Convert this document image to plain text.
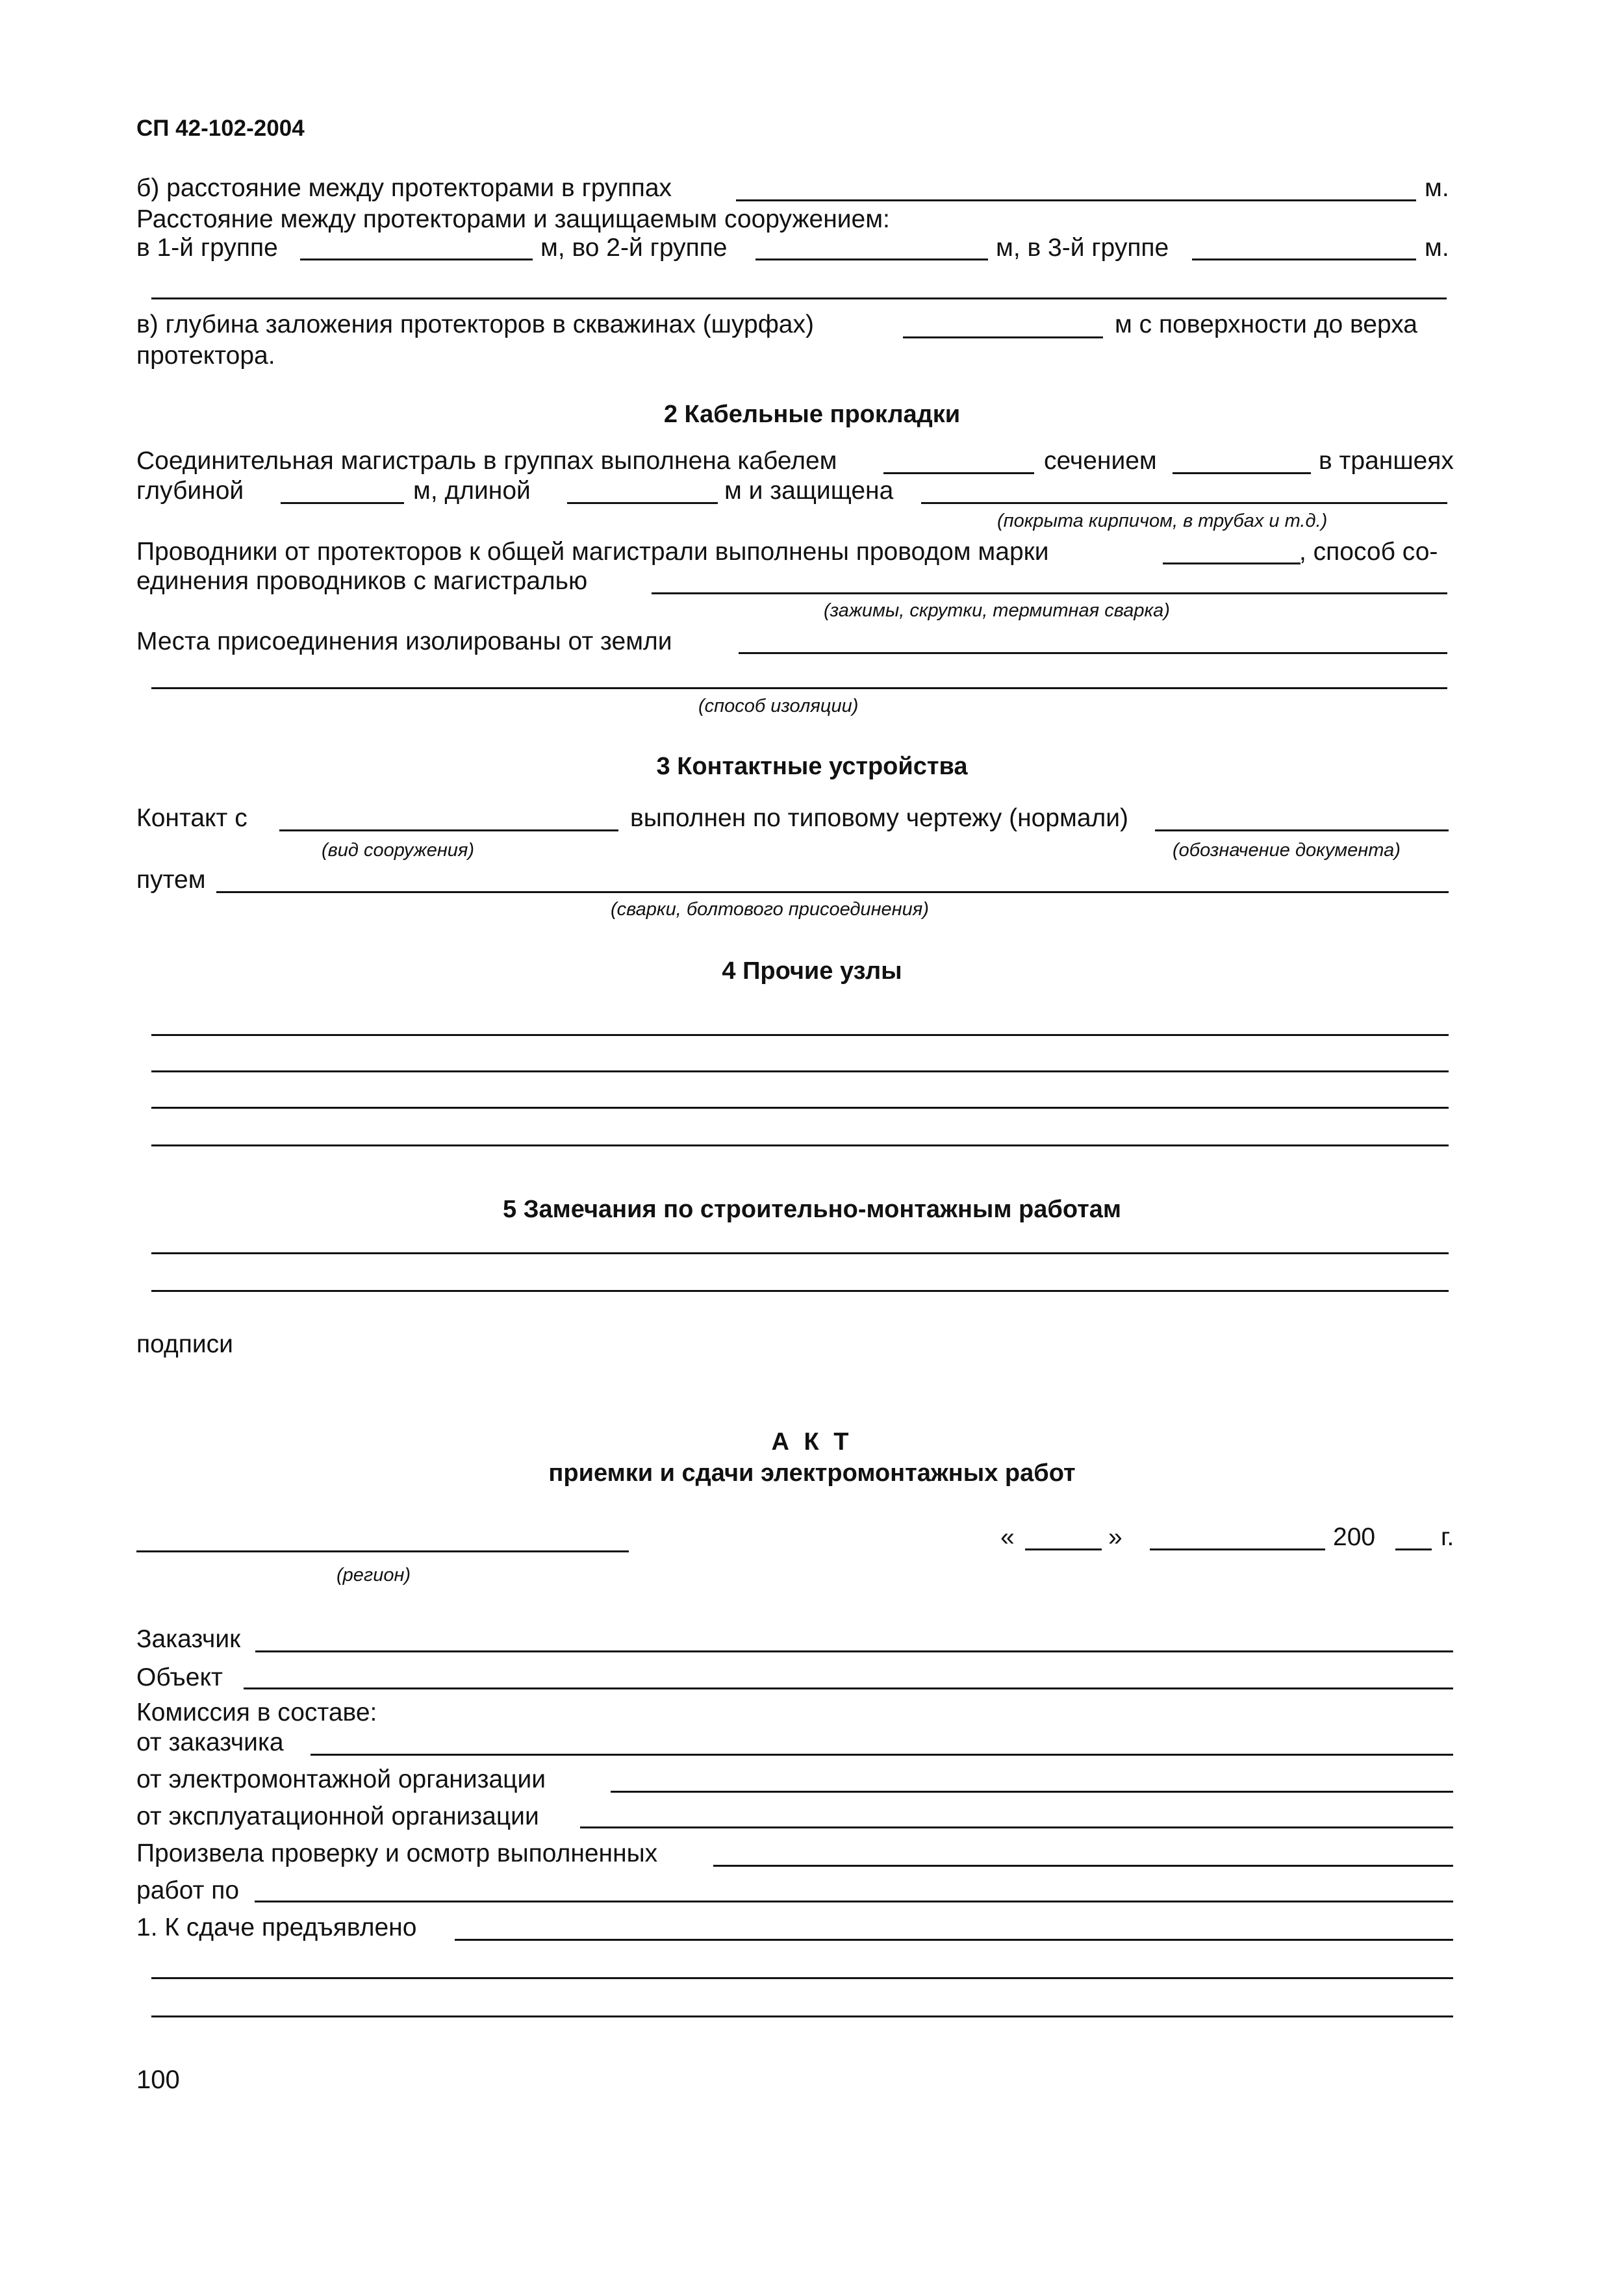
СП 42-102-2004
б) расстояние между протекторами в группах	м.
Расстояние между протекторами и защищаемым сооружением:
в 1-й группе	м, во 2-й группе	м, в 3-й группе	м.
в) глубина заложения протекторов в скважинах (шурфах)	м с поверхности до верха
протектора.
2 Кабельные прокладки
Соединительная магистраль в группах выполнена кабелем	сечением	в траншеях
глубиной	м, длиной	м и защищена
(покрыта кирпичом, в трубах и т.д.)
Проводники от протекторов к общей магистрали выполнены проводом марки	, способ со-
единения проводников с магистралью
(зажимы, скрутки, термитная сварка)
Места присоединения изолированы от земли
(способ изоляции)
3 Контактные устройства
Контакт с	выполнен по типовому чертежу (нормали)
(вид сооружения)	(обозначение документа)
путем
(сварки, болтового присоединения)
4 Прочие узлы
5 Замечания по строительно-монтажным работам
подписи
А К Т
приемки и сдачи электромонтажных работ
(регион)
«	»	200	г.
Заказчик
Объект
Комиссия в составе:
от заказчика
от электромонтажной организации
от эксплуатационной организации
Произвела проверку и осмотр выполненных
работ по
1. К сдаче предъявлено
100
